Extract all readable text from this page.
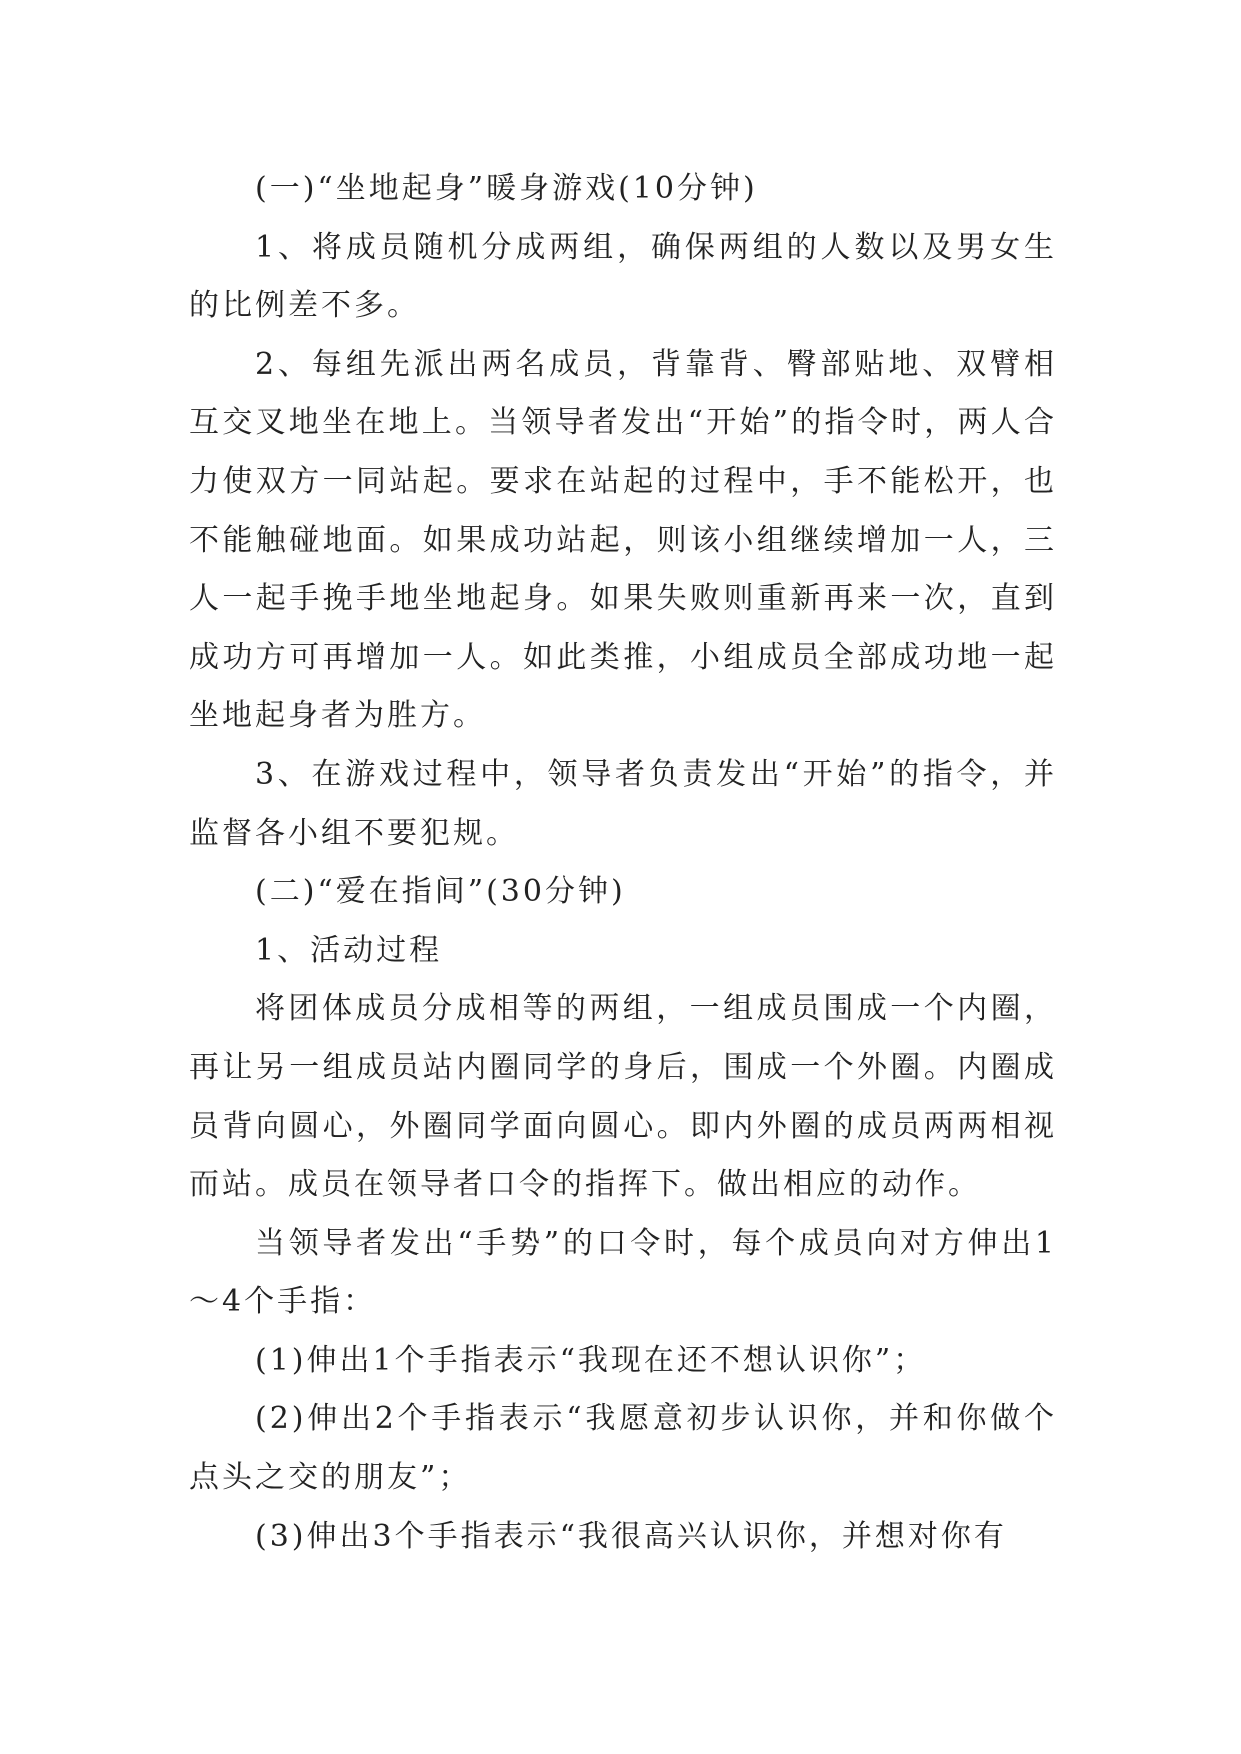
(一)“坐地起身”暖身游戏(10分钟)

1、将成员随机分成两组，确保两组的人数以及男女生的比例差不多。

2、每组先派出两名成员，背靠背、臀部贴地、双臂相互交叉地坐在地上。当领导者发出“开始”的指令时，两人合力使双方一同站起。要求在站起的过程中，手不能松开，也不能触碰地面。如果成功站起，则该小组继续增加一人，三人一起手挽手地坐地起身。如果失败则重新再来一次，直到成功方可再增加一人。如此类推，小组成员全部成功地一起坐地起身者为胜方。

3、在游戏过程中，领导者负责发出“开始”的指令，并监督各小组不要犯规。

(二)“爱在指间”(30分钟)

1、活动过程

将团体成员分成相等的两组，一组成员围成一个内圈，再让另一组成员站内圈同学的身后，围成一个外圈。内圈成员背向圆心，外圈同学面向圆心。即内外圈的成员两两相视而站。成员在领导者口令的指挥下。做出相应的动作。

当领导者发出“手势”的口令时，每个成员向对方伸出1～4个手指：

(1)伸出1个手指表示“我现在还不想认识你”；

(2)伸出2个手指表示“我愿意初步认识你，并和你做个点头之交的朋友”；

(3)伸出3个手指表示“我很高兴认识你，并想对你有
